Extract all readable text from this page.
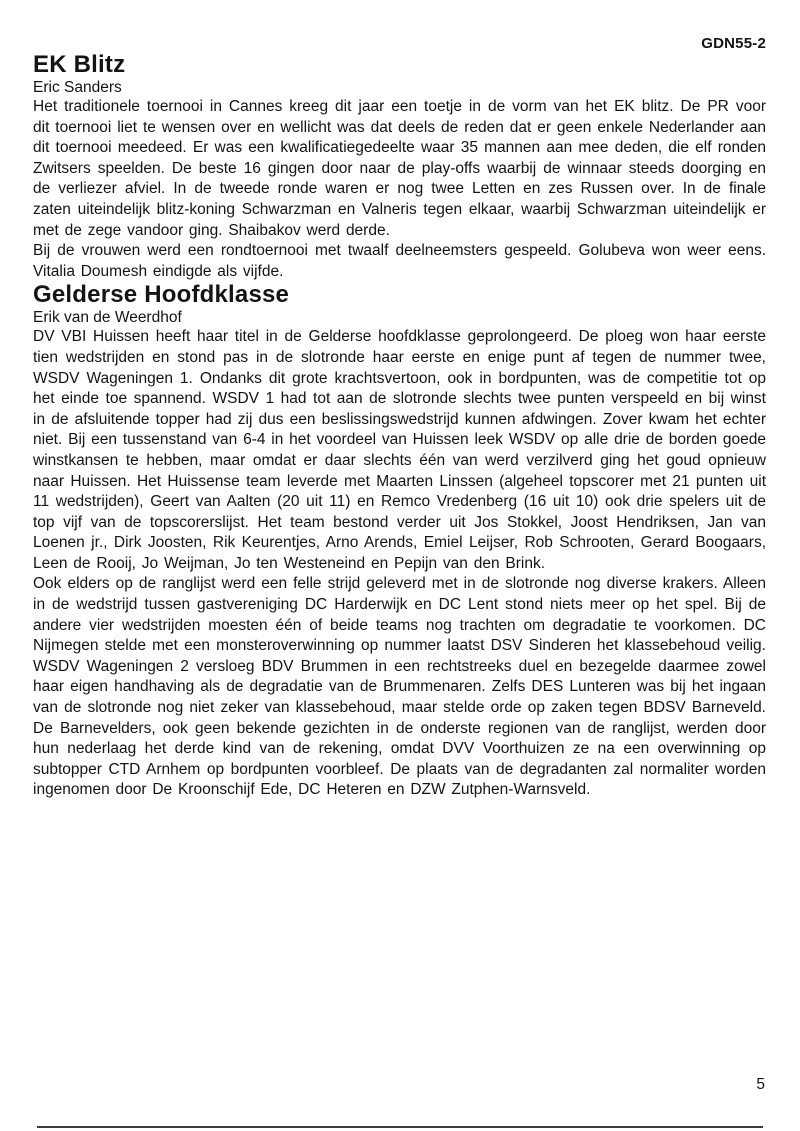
GDN55-2
EK Blitz
Eric Sanders

Het traditionele toernooi in Cannes kreeg dit jaar een toetje in de vorm van het EK blitz. De PR voor dit toernooi liet te wensen over en wellicht was dat deels de reden dat er geen enkele Nederlander aan dit toernooi meedeed. Er was een kwalificatiegedeelte waar 35 mannen aan mee deden, die elf ronden Zwitsers speelden. De beste 16 gingen door naar de play-offs waarbij de winnaar steeds doorging en de verliezer afviel. In de tweede ronde waren er nog twee Letten en zes Russen over. In de finale zaten uiteindelijk blitz-koning Schwarzman en Valneris tegen elkaar, waarbij Schwarzman uiteindelijk er met de zege vandoor ging. Shaibakov werd derde.

Bij de vrouwen werd een rondtoernooi met twaalf deelneemsters gespeeld. Golubeva won weer eens. Vitalia Doumesh eindigde als vijfde.

Gelderse Hoofdklasse
Erik van de Weerdhof

DV VBI Huissen heeft haar titel in de Gelderse hoofdklasse geprolongeerd. De ploeg won haar eerste tien wedstrijden en stond pas in de slotronde haar eerste en enige punt af tegen de nummer twee, WSDV Wageningen 1. Ondanks dit grote krachtsvertoon, ook in bordpunten, was de competitie tot op het einde toe spannend. WSDV 1 had tot aan de slotronde slechts twee punten verspeeld en bij winst in de afsluitende topper had zij dus een beslissingswedstrijd kunnen afdwingen. Zover kwam het echter niet. Bij een tussenstand van 6-4 in het voordeel van Huissen leek WSDV op alle drie de borden goede winstkansen te hebben, maar omdat er daar slechts één van werd verzilverd ging het goud opnieuw naar Huissen. Het Huissense team leverde met Maarten Linssen (algeheel topscorer met 21 punten uit 11 wedstrijden), Geert van Aalten (20 uit 11) en Remco Vredenberg (16 uit 10) ook drie spelers uit de top vijf van de topscorerslijst. Het team bestond verder uit Jos Stokkel, Joost Hendriksen, Jan van Loenen jr., Dirk Joosten, Rik Keurentjes, Arno Arends, Emiel Leijser, Rob Schrooten, Gerard Boogaars, Leen de Rooij, Jo Weijman, Jo ten Westeneind en Pepijn van den Brink.

Ook elders op de ranglijst werd een felle strijd geleverd met in de slotronde nog diverse krakers. Alleen in de wedstrijd tussen gastvereniging DC Harderwijk en DC Lent stond niets meer op het spel. Bij de andere vier wedstrijden moesten één of beide teams nog trachten om degradatie te voorkomen. DC Nijmegen stelde met een monsteroverwinning op nummer laatst DSV Sinderen het klassebehoud veilig. WSDV Wageningen 2 versloeg BDV Brummen in een rechtstreeks duel en bezegelde daarmee zowel haar eigen handhaving als de degradatie van de Brummenaren. Zelfs DES Lunteren was bij het ingaan van de slotronde nog niet zeker van klassebehoud, maar stelde orde op zaken tegen BDSV Barneveld. De Barnevelders, ook geen bekende gezichten in de onderste regionen van de ranglijst, werden door hun nederlaag het derde kind van de rekening, omdat DVV Voorthuizen ze na een overwinning op subtopper CTD Arnhem op bordpunten voorbleef. De plaats van de degradanten zal normaliter worden ingenomen door De Kroonschijf Ede, DC Heteren en DZW Zutphen-Warnsveld.

5
